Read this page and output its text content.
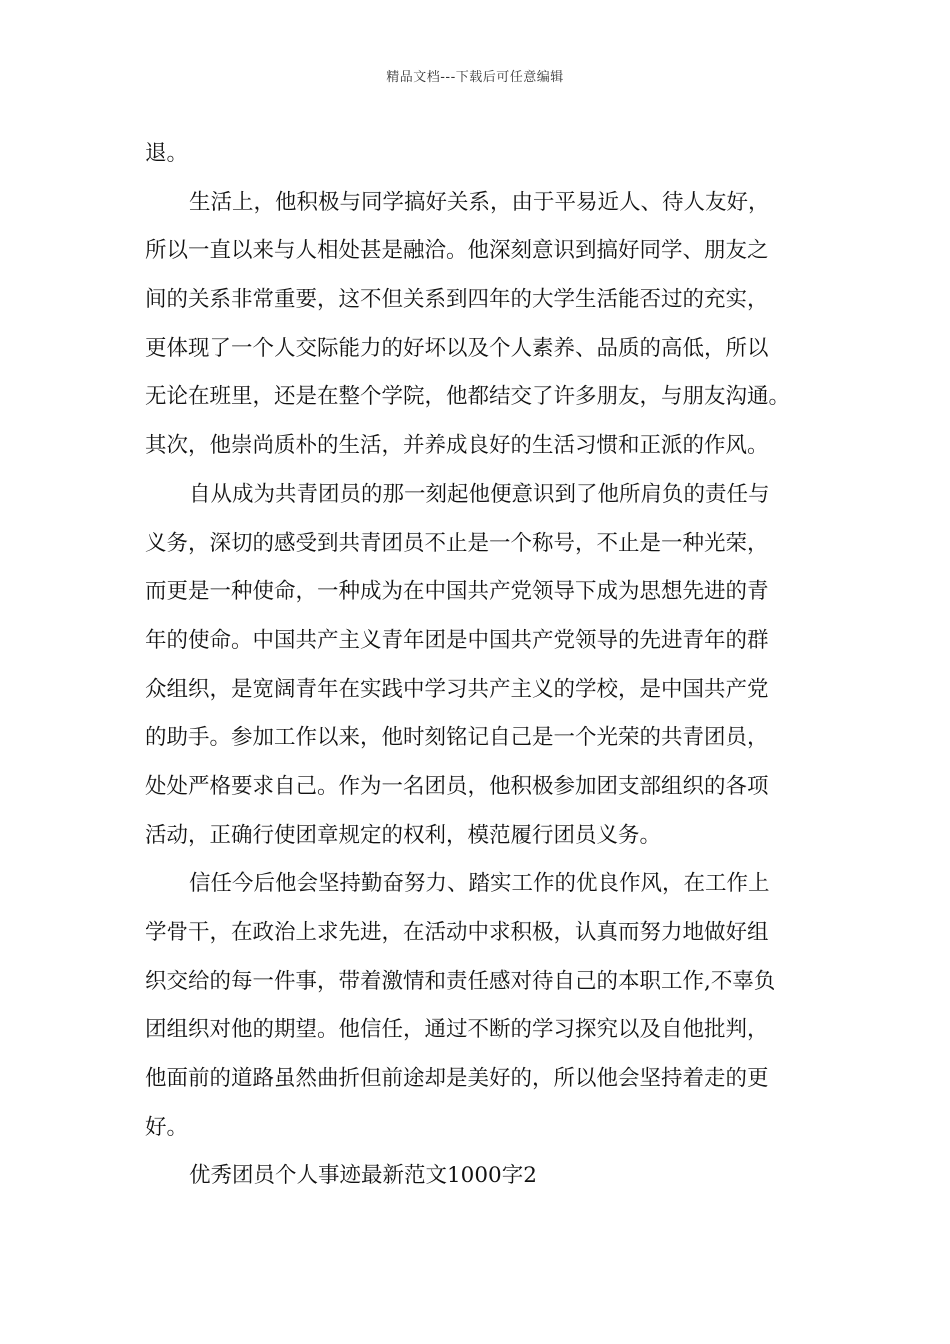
精品文档---下载后可任意编辑
退。
生活上，他积极与同学搞好关系，由于平易近人、待人友好，
所以一直以来与人相处甚是融洽。他深刻意识到搞好同学、朋友之
间的关系非常重要，这不但关系到四年的大学生活能否过的充实，
更体现了一个人交际能力的好坏以及个人素养、品质的高低，所以
无论在班里，还是在整个学院，他都结交了许多朋友，与朋友沟通。
其次，他崇尚质朴的生活，并养成良好的生活习惯和正派的作风。
自从成为共青团员的那一刻起他便意识到了他所肩负的责任与
义务，深切的感受到共青团员不止是一个称号，不止是一种光荣，
而更是一种使命，一种成为在中国共产党领导下成为思想先进的青
年的使命。中国共产主义青年团是中国共产党领导的先进青年的群
众组织，是宽阔青年在实践中学习共产主义的学校，是中国共产党
的助手。参加工作以来，他时刻铭记自己是一个光荣的共青团员，
处处严格要求自己。作为一名团员，他积极参加团支部组织的各项
活动，正确行使团章规定的权利，模范履行团员义务。
信任今后他会坚持勤奋努力、踏实工作的优良作风，在工作上
学骨干，在政治上求先进，在活动中求积极，认真而努力地做好组
织交给的每一件事，带着激情和责任感对待自己的本职工作,不辜负
团组织对他的期望。他信任，通过不断的学习探究以及自他批判，
他面前的道路虽然曲折但前途却是美好的，所以他会坚持着走的更
好。
优秀团员个人事迹最新范文1000字2
